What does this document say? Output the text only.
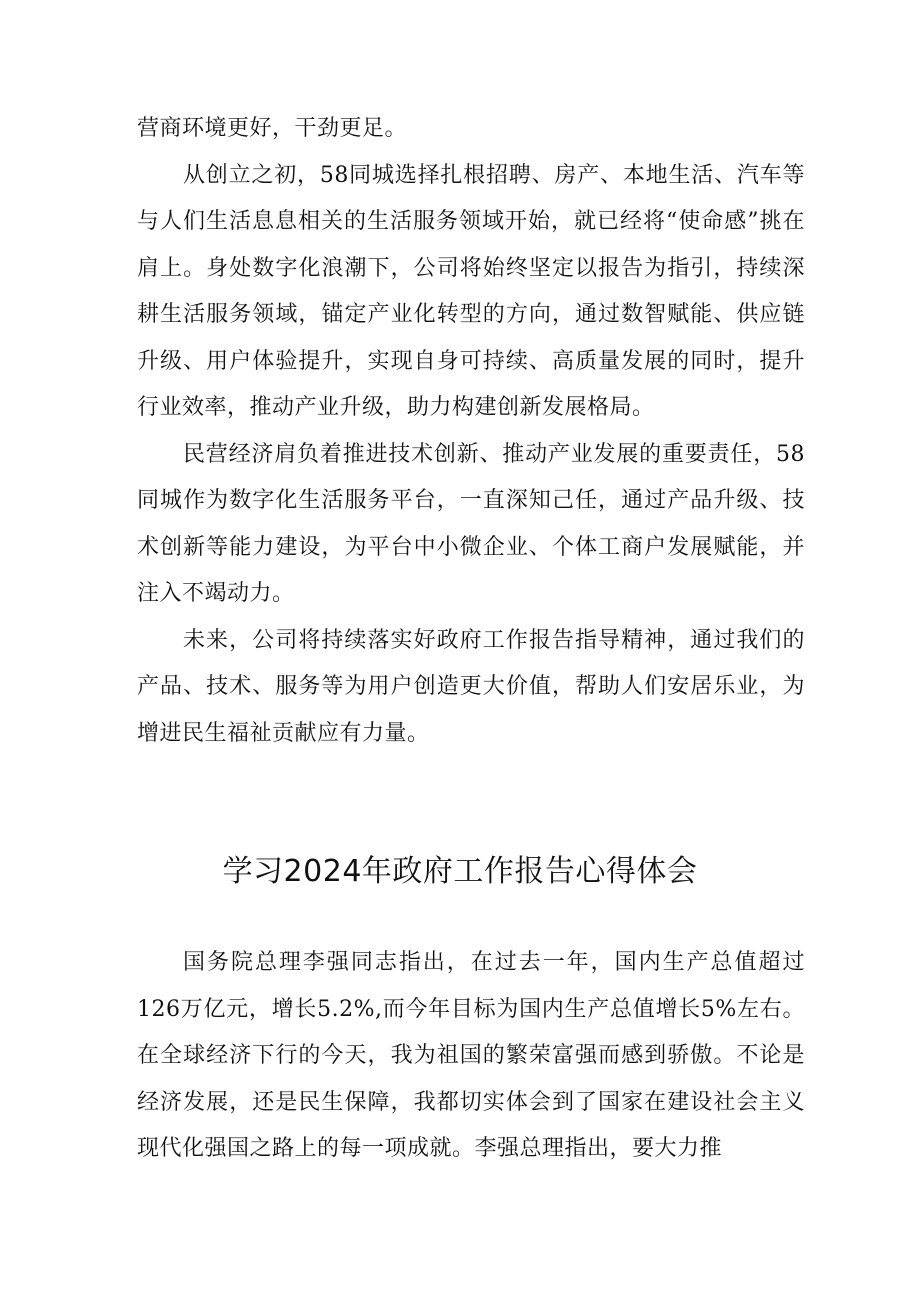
营商环境更好，干劲更足。

从创立之初，58同城选择扎根招聘、房产、本地生活、汽车等与人们生活息息相关的生活服务领域开始，就已经将“使命感”挑在肩上。身处数字化浪潮下，公司将始终坚定以报告为指引，持续深耕生活服务领域，锚定产业化转型的方向，通过数智赋能、供应链升级、用户体验提升，实现自身可持续、高质量发展的同时，提升行业效率，推动产业升级，助力构建创新发展格局。

民营经济肩负着推进技术创新、推动产业发展的重要责任，58同城作为数字化生活服务平台，一直深知己任，通过产品升级、技术创新等能力建设，为平台中小微企业、个体工商户发展赋能，并注入不竭动力。

未来，公司将持续落实好政府工作报告指导精神，通过我们的产品、技术、服务等为用户创造更大价值，帮助人们安居乐业，为增进民生福祉贡献应有力量。

学习2024年政府工作报告心得体会

国务院总理李强同志指出，在过去一年，国内生产总值超过126万亿元，增长5.2%,而今年目标为国内生产总值增长5%左右。在全球经济下行的今天，我为祖国的繁荣富强而感到骄傲。不论是经济发展，还是民生保障，我都切实体会到了国家在建设社会主义现代化强国之路上的每一项成就。李强总理指出，要大力推
